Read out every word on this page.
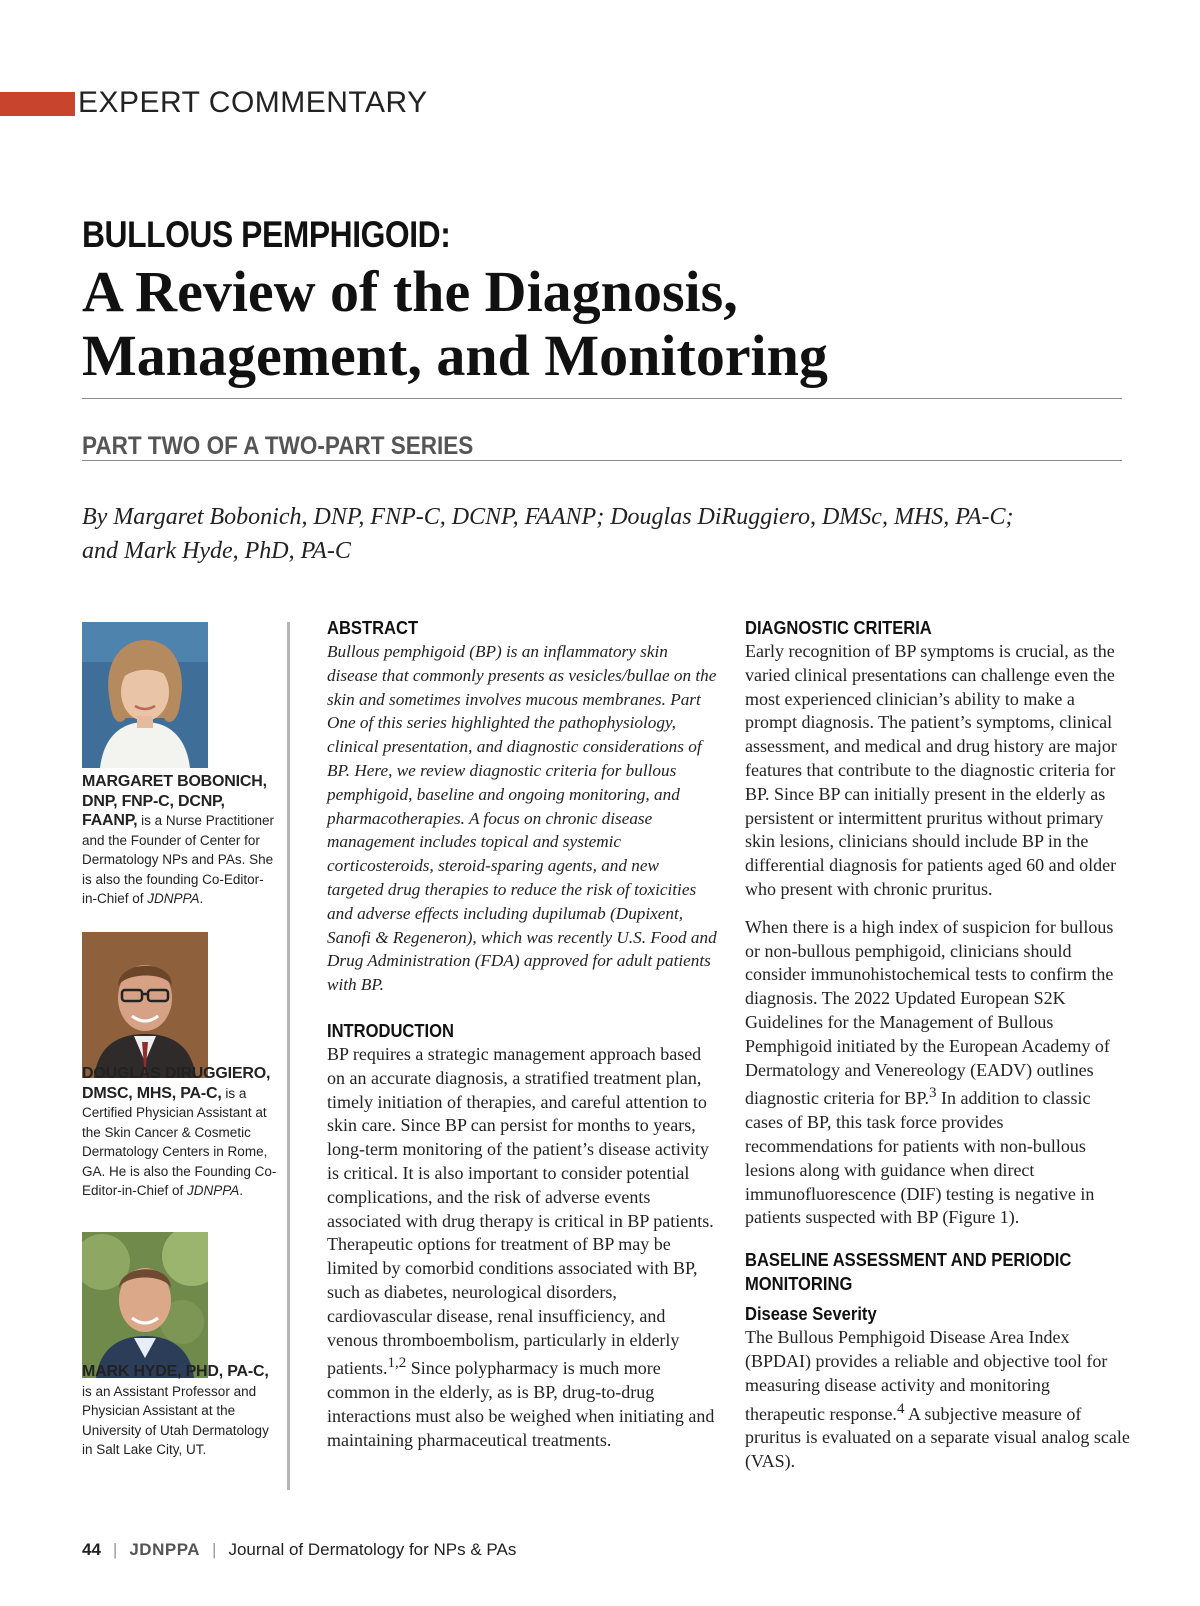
EXPERT COMMENTARY
BULLOUS PEMPHIGOID:
A Review of the Diagnosis,
Management, and Monitoring
PART TWO OF A TWO-PART SERIES
By Margaret Bobonich, DNP, FNP-C, DCNP, FAANP; Douglas DiRuggiero, DMSc, MHS, PA-C;
and Mark Hyde, PhD, PA-C
MARGARET BOBONICH,
DNP, FNP-C, DCNP,
FAANP, is a Nurse Practitioner and the Founder of Center for Dermatology NPs and PAs. She is also the founding Co-Editor-in-Chief of JDNPPA.
DOUGLAS DIRUGGIERO,
DMSC, MHS, PA-C, is a Certified Physician Assistant at the Skin Cancer & Cosmetic Dermatology Centers in Rome, GA. He is also the Founding Co-Editor-in-Chief of JDNPPA.
MARK HYDE, PHD, PA-C,
is an Assistant Professor and Physician Assistant at the University of Utah Dermatology in Salt Lake City, UT.
ABSTRACT

Bullous pemphigoid (BP) is an inflammatory skin disease that commonly presents as vesicles/bullae on the skin and sometimes involves mucous membranes. Part One of this series highlighted the pathophysiology, clinical presentation, and diagnostic considerations of BP. Here, we review diagnostic criteria for bullous pemphigoid, baseline and ongoing monitoring, and pharmacotherapies. A focus on chronic disease management includes topical and systemic corticosteroids, steroid-sparing agents, and new targeted drug therapies to reduce the risk of toxicities and adverse effects including dupilumab (Dupixent, Sanofi & Regeneron), which was recently U.S. Food and Drug Administration (FDA) approved for adult patients with BP.

INTRODUCTION

BP requires a strategic management approach based on an accurate diagnosis, a stratified treatment plan, timely initiation of therapies, and careful attention to skin care. Since BP can persist for months to years, long-term monitoring of the patient’s disease activity is critical. It is also important to consider potential complications, and the risk of adverse events associated with drug therapy is critical in BP patients. Therapeutic options for treatment of BP may be limited by comorbid conditions associated with BP, such as diabetes, neurological disorders, cardiovascular disease, renal insufficiency, and venous thromboembolism, particularly in elderly patients.$^{1,2}$ Since polypharmacy is much more common in the elderly, as is BP, drug-to-drug interactions must also be weighed when initiating and maintaining pharmaceutical treatments.

DIAGNOSTIC CRITERIA

Early recognition of BP symptoms is crucial, as the varied clinical presentations can challenge even the most experienced clinician’s ability to make a prompt diagnosis. The patient’s symptoms, clinical assessment, and medical and drug history are major features that contribute to the diagnostic criteria for BP. Since BP can initially present in the elderly as persistent or intermittent pruritus without primary skin lesions, clinicians should include BP in the differential diagnosis for patients aged 60 and older who present with chronic pruritus.

When there is a high index of suspicion for bullous or non-bullous pemphigoid, clinicians should consider immunohistochemical tests to confirm the diagnosis. The 2022 Updated European S2K Guidelines for the Management of Bullous Pemphigoid initiated by the European Academy of Dermatology and Venereology (EADV) outlines diagnostic criteria for BP.$^3$ In addition to classic cases of BP, this task force provides recommendations for patients with non-bullous lesions along with guidance when direct immunofluorescence (DIF) testing is negative in patients suspected with BP (Figure 1).

BASELINE ASSESSMENT AND PERIODIC MONITORING
Disease Severity

The Bullous Pemphigoid Disease Area Index (BPDAI) provides a reliable and objective tool for measuring disease activity and monitoring therapeutic response.$^4$ A subjective measure of pruritus is evaluated on a separate visual analog scale (VAS).

44 | JDNPPA | Journal of Dermatology for NPs & PAs
